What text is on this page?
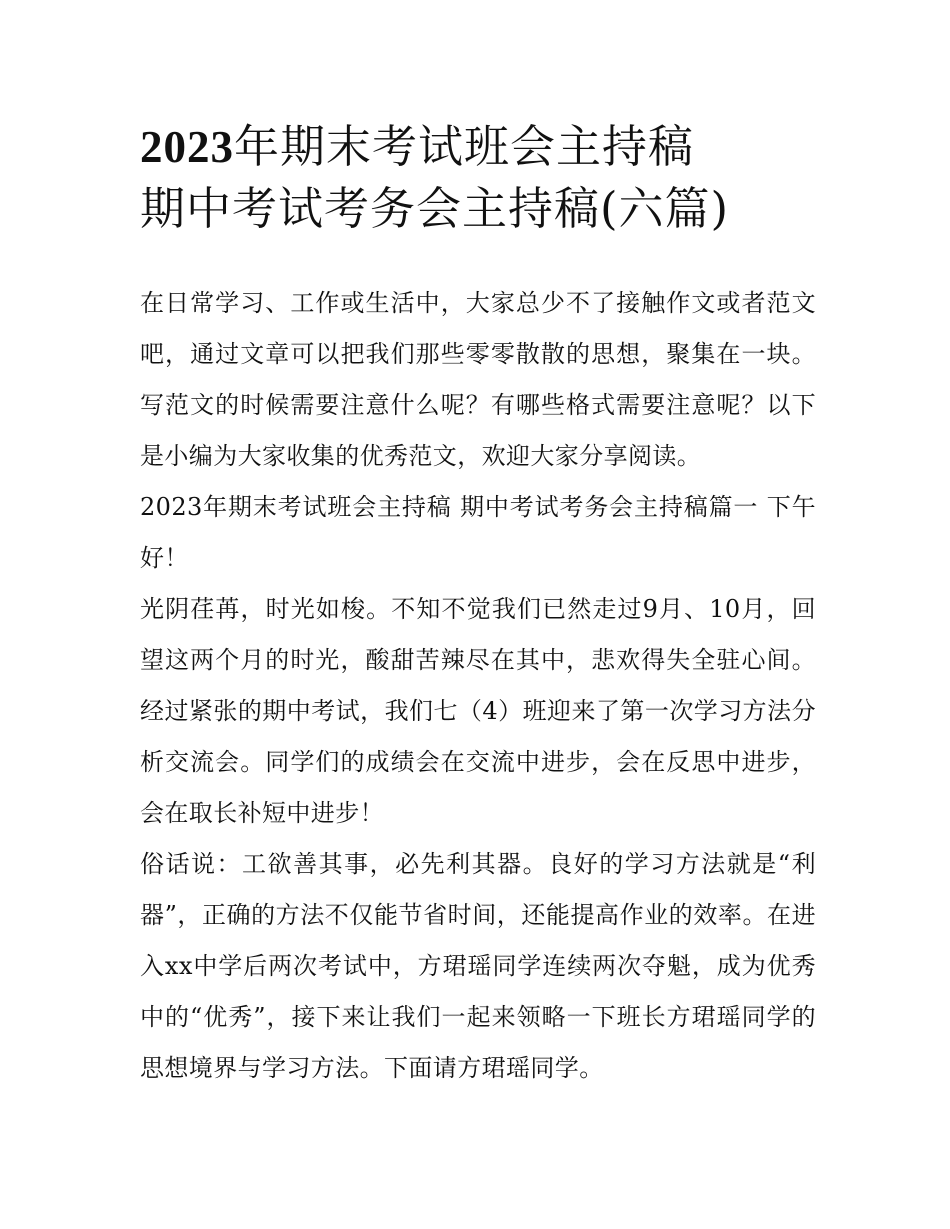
2023年期末考试班会主持稿
期中考试考务会主持稿(六篇)

在日常学习、工作或生活中，大家总少不了接触作文或者范文吧，通过文章可以把我们那些零零散散的思想，聚集在一块。写范文的时候需要注意什么呢？有哪些格式需要注意呢？以下是小编为大家收集的优秀范文，欢迎大家分享阅读。

2023年期末考试班会主持稿 期中考试考务会主持稿篇一 下午好！

光阴荏苒，时光如梭。不知不觉我们已然走过9月、10月，回望这两个月的时光，酸甜苦辣尽在其中，悲欢得失全驻心间。经过紧张的期中考试，我们七（4）班迎来了第一次学习方法分析交流会。同学们的成绩会在交流中进步，会在反思中进步，会在取长补短中进步！

俗话说：工欲善其事，必先利其器。良好的学习方法就是“利器”，正确的方法不仅能节省时间，还能提高作业的效率。在进入xx中学后两次考试中，方珺瑶同学连续两次夺魁，成为优秀中的“优秀”，接下来让我们一起来领略一下班长方珺瑶同学的思想境界与学习方法。下面请方珺瑶同学。
